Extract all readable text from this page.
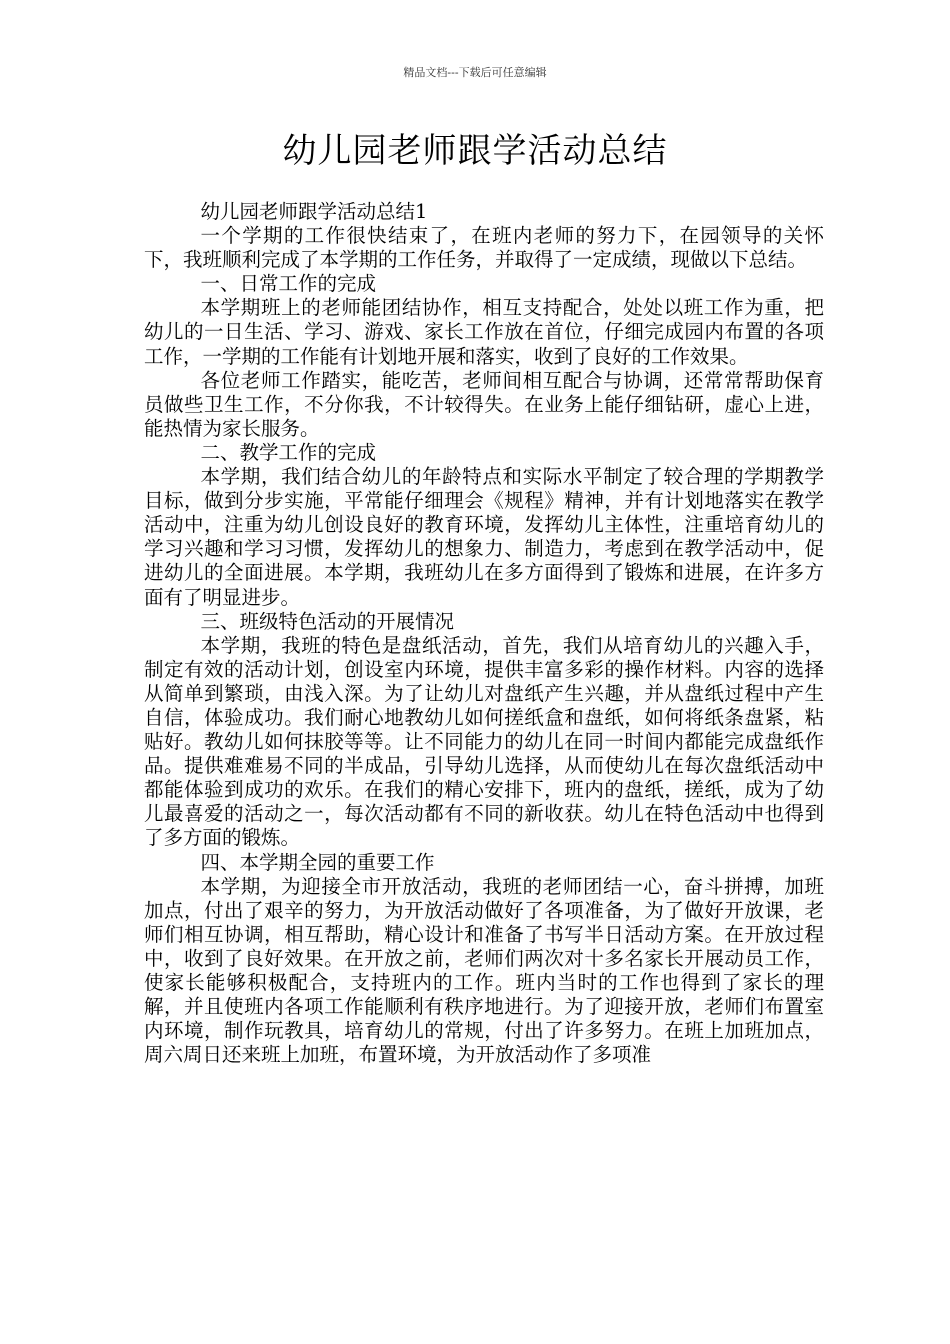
精品文档---下载后可任意编辑
幼儿园老师跟学活动总结

幼儿园老师跟学活动总结1

一个学期的工作很快结束了，在班内老师的努力下，在园领导的关怀下，我班顺利完成了本学期的工作任务，并取得了一定成绩，现做以下总结。

一、日常工作的完成

本学期班上的老师能团结协作，相互支持配合，处处以班工作为重，把幼儿的一日生活、学习、游戏、家长工作放在首位，仔细完成园内布置的各项工作，一学期的工作能有计划地开展和落实，收到了良好的工作效果。

各位老师工作踏实，能吃苦，老师间相互配合与协调，还常常帮助保育员做些卫生工作，不分你我，不计较得失。在业务上能仔细钻研，虚心上进，能热情为家长服务。

二、教学工作的完成

本学期，我们结合幼儿的年龄特点和实际水平制定了较合理的学期教学目标，做到分步实施，平常能仔细理会《规程》精神，并有计划地落实在教学活动中，注重为幼儿创设良好的教育环境，发挥幼儿主体性，注重培育幼儿的学习兴趣和学习习惯，发挥幼儿的想象力、制造力，考虑到在教学活动中，促进幼儿的全面进展。本学期，我班幼儿在多方面得到了锻炼和进展，在许多方面有了明显进步。

三、班级特色活动的开展情况

本学期，我班的特色是盘纸活动，首先，我们从培育幼儿的兴趣入手，制定有效的活动计划，创设室内环境，提供丰富多彩的操作材料。内容的选择从简单到繁琐，由浅入深。为了让幼儿对盘纸产生兴趣，并从盘纸过程中产生自信，体验成功。我们耐心地教幼儿如何搓纸盒和盘纸，如何将纸条盘紧，粘贴好。教幼儿如何抹胶等等。让不同能力的幼儿在同一时间内都能完成盘纸作品。提供难难易不同的半成品，引导幼儿选择，从而使幼儿在每次盘纸活动中都能体验到成功的欢乐。在我们的精心安排下，班内的盘纸，搓纸，成为了幼儿最喜爱的活动之一，每次活动都有不同的新收获。幼儿在特色活动中也得到了多方面的锻炼。

四、本学期全园的重要工作

本学期，为迎接全市开放活动，我班的老师团结一心，奋斗拼搏，加班加点，付出了艰辛的努力，为开放活动做好了各项准备，为了做好开放课，老师们相互协调，相互帮助，精心设计和准备了书写半日活动方案。在开放过程中，收到了良好效果。在开放之前，老师们两次对十多名家长开展动员工作，使家长能够积极配合，支持班内的工作。班内当时的工作也得到了家长的理解，并且使班内各项工作能顺利有秩序地进行。为了迎接开放，老师们布置室内环境，制作玩教具，培育幼儿的常规，付出了许多努力。在班上加班加点，周六周日还来班上加班，布置环境，为开放活动作了多项准
